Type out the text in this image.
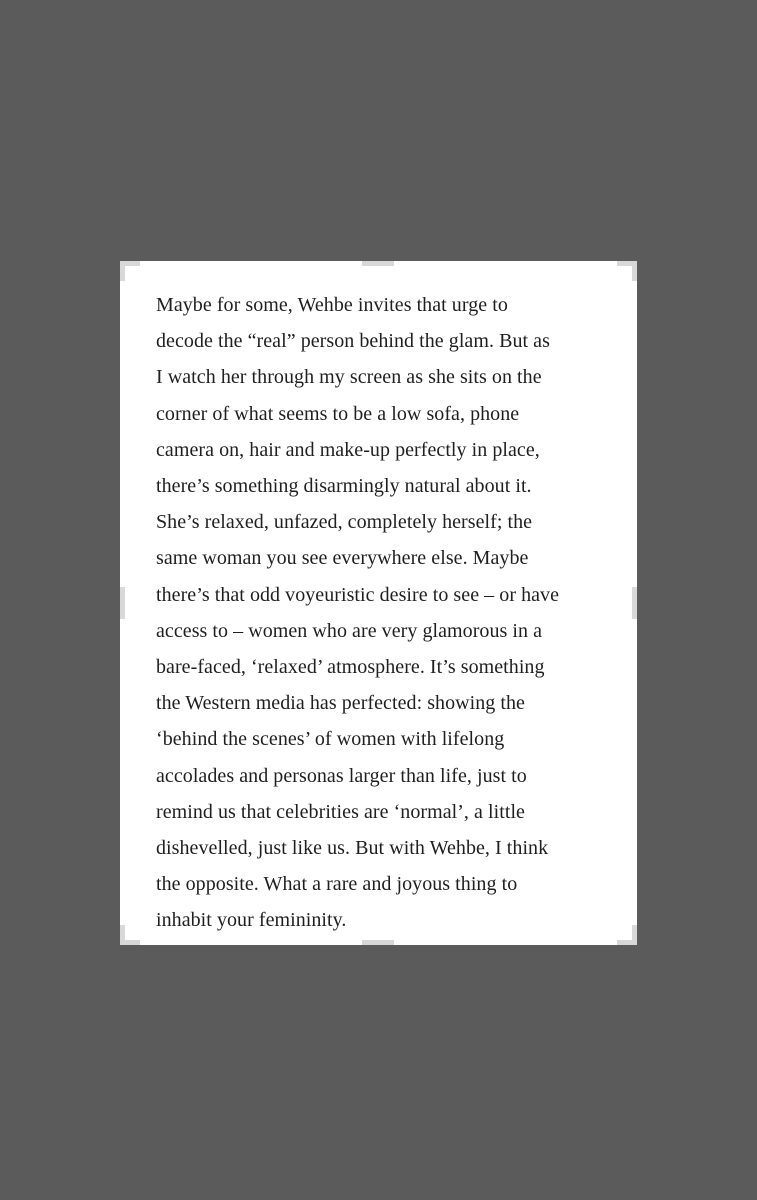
Maybe for some, Wehbe invites that urge to
decode the “real” person behind the glam. But as
I watch her through my screen as she sits on the
corner of what seems to be a low sofa, phone
camera on, hair and make-up perfectly in place,
there’s something disarmingly natural about it.
She’s relaxed, unfazed, completely herself; the
same woman you see everywhere else. Maybe
there’s that odd voyeuristic desire to see – or have
access to – women who are very glamorous in a
bare-faced, ‘relaxed’ atmosphere. It’s something
the Western media has perfected: showing the
‘behind the scenes’ of women with lifelong
accolades and personas larger than life, just to
remind us that celebrities are ‘normal’, a little
dishevelled, just like us. But with Wehbe, I think
the opposite. What a rare and joyous thing to
inhabit your femininity.
